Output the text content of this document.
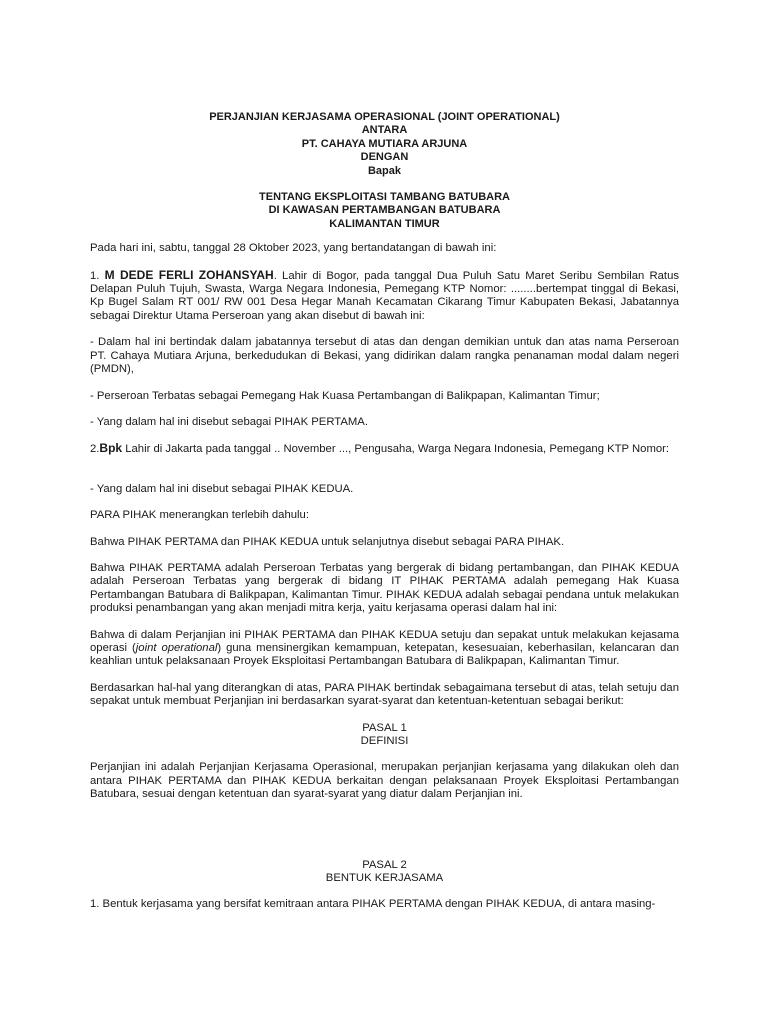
PERJANJIAN KERJASAMA OPERASIONAL (JOINT OPERATIONAL)
ANTARA
PT. CAHAYA MUTIARA ARJUNA
DENGAN
Bapak
TENTANG EKSPLOITASI TAMBANG BATUBARA
DI KAWASAN PERTAMBANGAN BATUBARA
KALIMANTAN TIMUR

Pada hari ini, sabtu, tanggal 28 Oktober 2023, yang bertandatangan di bawah ini:

1. M DEDE FERLI ZOHANSYAH. Lahir di Bogor, pada tanggal Dua Puluh Satu Maret Seribu Sembilan Ratus Delapan Puluh Tujuh, Swasta, Warga Negara Indonesia, Pemegang KTP Nomor: ........bertempat tinggal di Bekasi, Kp Bugel Salam RT 001/ RW 001 Desa Hegar Manah Kecamatan Cikarang Timur Kabupaten Bekasi, Jabatannya sebagai Direktur Utama Perseroan yang akan disebut di bawah ini:

- Dalam hal ini bertindak dalam jabatannya tersebut di atas dan dengan demikian untuk dan atas nama Perseroan PT. Cahaya Mutiara Arjuna, berkedudukan di Bekasi, yang didirikan dalam rangka penanaman modal dalam negeri (PMDN),

- Perseroan Terbatas sebagai Pemegang Hak Kuasa Pertambangan di Balikpapan, Kalimantan Timur;

- Yang dalam hal ini disebut sebagai PIHAK PERTAMA.

2.Bpk Lahir di Jakarta pada tanggal .. November ..., Pengusaha, Warga Negara Indonesia, Pemegang KTP Nomor:

- Yang dalam hal ini disebut sebagai PIHAK KEDUA.

PARA PIHAK menerangkan terlebih dahulu:

Bahwa PIHAK PERTAMA dan PIHAK KEDUA untuk selanjutnya disebut sebagai PARA PIHAK.

Bahwa PIHAK PERTAMA adalah Perseroan Terbatas yang bergerak di bidang pertambangan, dan PIHAK KEDUA adalah Perseroan Terbatas yang bergerak di bidang IT PIHAK PERTAMA adalah pemegang Hak Kuasa Pertambangan Batubara di Balikpapan, Kalimantan Timur. PIHAK KEDUA adalah sebagai pendana untuk melakukan produksi penambangan yang akan menjadi mitra kerja, yaitu kerjasama operasi dalam hal ini:

Bahwa di dalam Perjanjian ini PIHAK PERTAMA dan PIHAK KEDUA setuju dan sepakat untuk melakukan kejasama operasi (joint operational) guna mensinergikan kemampuan, ketepatan, kesesuaian, keberhasilan, kelancaran dan keahlian untuk pelaksanaan Proyek Eksploitasi Pertambangan Batubara di Balikpapan, Kalimantan Timur.

Berdasarkan hal-hal yang diterangkan di atas, PARA PIHAK bertindak sebagaimana tersebut di atas, telah setuju dan sepakat untuk membuat Perjanjian ini berdasarkan syarat-syarat dan ketentuan-ketentuan sebagai berikut:

PASAL 1

DEFINISI

Perjanjian ini adalah Perjanjian Kerjasama Operasional, merupakan perjanjian kerjasama yang dilakukan oleh dan antara PIHAK PERTAMA dan PIHAK KEDUA berkaitan dengan pelaksanaan Proyek Eksploitasi Pertambangan Batubara, sesuai dengan ketentuan dan syarat-syarat yang diatur dalam Perjanjian ini.

PASAL 2

BENTUK KERJASAMA

1. Bentuk kerjasama yang bersifat kemitraan antara PIHAK PERTAMA dengan PIHAK KEDUA, di antara masing-
